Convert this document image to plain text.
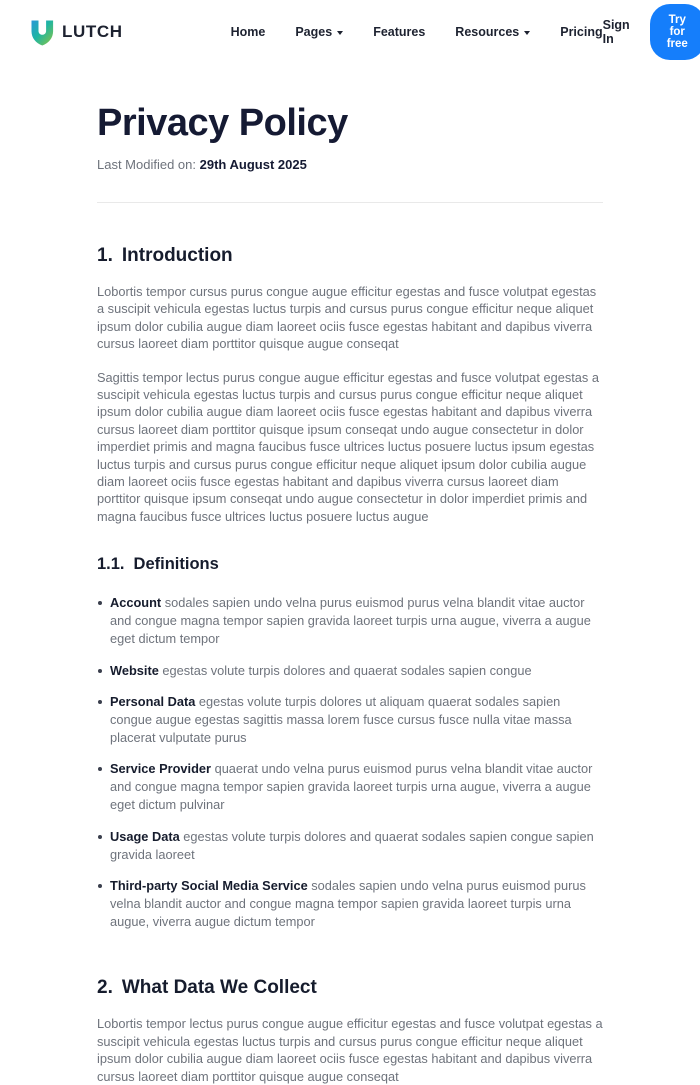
LUTCH	Home Pages	Features Resources	Pricing Sign In
Try for free
Privacy Policy
Last Modified on: 29th August 2025
1. Introduction

Lobortis tempor cursus purus congue augue efficitur egestas and fusce volutpat egestas a suscipit vehicula egestas luctus turpis and cursus purus congue efficitur neque aliquet ipsum dolor cubilia augue diam laoreet ociis fusce egestas habitant and dapibus viverra cursus laoreet diam porttitor quisque augue conseqat

Sagittis tempor lectus purus congue augue efficitur egestas and fusce volutpat egestas a suscipit vehicula egestas luctus turpis and cursus purus congue efficitur neque aliquet ipsum dolor cubilia augue diam laoreet ociis fusce egestas habitant and dapibus viverra cursus laoreet diam porttitor quisque ipsum conseqat undo augue consectetur in dolor imperdiet primis and magna faucibus fusce ultrices luctus posuere luctus ipsum egestas luctus turpis and cursus purus congue efficitur neque aliquet ipsum dolor cubilia augue diam laoreet ociis fusce egestas habitant and dapibus viverra cursus laoreet diam porttitor quisque ipsum conseqat undo augue consectetur in dolor imperdiet primis and magna faucibus fusce ultrices luctus posuere luctus augue

1.1. Definitions
Account sodales sapien undo velna purus euismod purus velna blandit vitae auctor and congue magna tempor sapien gravida laoreet turpis urna augue, viverra a augue eget dictum tempor
Website egestas volute turpis dolores and quaerat sodales sapien congue
Personal Data egestas volute turpis dolores ut aliquam quaerat sodales sapien congue augue egestas sagittis massa lorem fusce cursus fusce nulla vitae massa placerat vulputate purus
Service Provider quaerat undo velna purus euismod purus velna blandit vitae auctor and congue magna tempor sapien gravida laoreet turpis urna augue, viverra a augue eget dictum pulvinar
Usage Data egestas volute turpis dolores and quaerat sodales sapien congue sapien gravida laoreet
Third-party Social Media Service sodales sapien undo velna purus euismod purus velna blandit auctor and congue magna tempor sapien gravida laoreet turpis urna augue, viverra augue dictum tempor
2. What Data We Collect

Lobortis tempor lectus purus congue augue efficitur egestas and fusce volutpat egestas a suscipit vehicula egestas luctus turpis and cursus purus congue efficitur neque aliquet ipsum dolor cubilia augue diam laoreet ociis fusce egestas habitant and dapibus viverra cursus laoreet diam porttitor quisque augue conseqat
